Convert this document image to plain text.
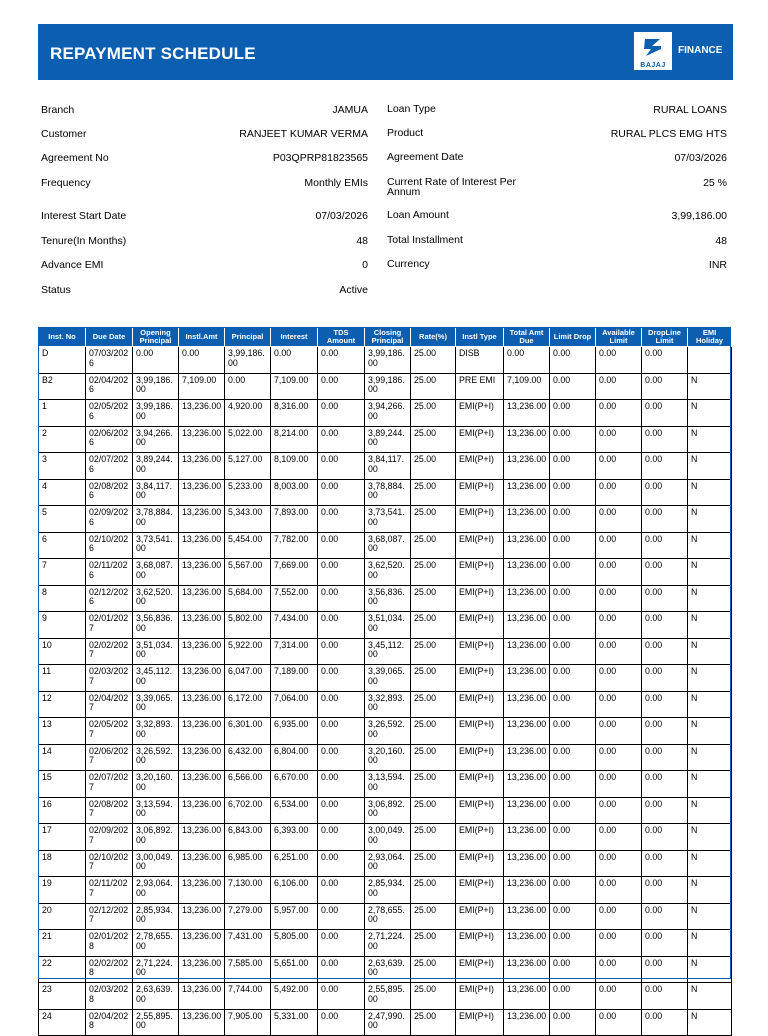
REPAYMENT SCHEDULE
BAJAJ
FINANCE
Branch	JAMUA
Customer	RANJEET KUMAR VERMA
Agreement No	P03QPRP81823565
Frequency	Monthly EMIs
Interest Start Date	07/03/2026
Tenure(In Months)	48
Advance EMI	0
Status	Active
Loan Type	RURAL LOANS
Product	RURAL PLCS EMG HTS
Agreement Date	07/03/2026
Current Rate of Interest Per Annum
25 %
Loan Amount	3,99,186.00
Total Installment	48
Currency	INR
Inst. No	Due Date	Opening Principal	Instl.Amt	Principal	Interest	TDS Amount	Closing Principal	Rate(%)	Instl Type	Total Amt Due	Limit Drop	Available Limit	DropLine Limit	EMI Holiday
D	07/03/2026	0.00	0.00	3,99,186.00	0.00	0.00	3,99,186.00	25.00	DISB	0.00	0.00	0.00	0.00	
B2	02/04/2026	3,99,186.00	7,109.00	0.00	7,109.00	0.00	3,99,186.00	25.00	PRE EMI	7,109.00	0.00	0.00	0.00	N
1	02/05/2026	3,99,186.00	13,236.00	4,920.00	8,316.00	0.00	3,94,266.00	25.00	EMI(P+I)	13,236.00	0.00	0.00	0.00	N
2	02/06/2026	3,94,266.00	13,236.00	5,022.00	8,214.00	0.00	3,89,244.00	25.00	EMI(P+I)	13,236.00	0.00	0.00	0.00	N
3	02/07/2026	3,89,244.00	13,236.00	5,127.00	8,109.00	0.00	3,84,117.00	25.00	EMI(P+I)	13,236.00	0.00	0.00	0.00	N
4	02/08/2026	3,84,117.00	13,236.00	5,233.00	8,003.00	0.00	3,78,884.00	25.00	EMI(P+I)	13,236.00	0.00	0.00	0.00	N
5	02/09/2026	3,78,884.00	13,236.00	5,343.00	7,893.00	0.00	3,73,541.00	25.00	EMI(P+I)	13,236.00	0.00	0.00	0.00	N
6	02/10/2026	3,73,541.00	13,236.00	5,454.00	7,782.00	0.00	3,68,087.00	25.00	EMI(P+I)	13,236.00	0.00	0.00	0.00	N
7	02/11/2026	3,68,087.00	13,236.00	5,567.00	7,669.00	0.00	3,62,520.00	25.00	EMI(P+I)	13,236.00	0.00	0.00	0.00	N
8	02/12/2026	3,62,520.00	13,236.00	5,684.00	7,552.00	0.00	3,56,836.00	25.00	EMI(P+I)	13,236.00	0.00	0.00	0.00	N
9	02/01/2027	3,56,836.00	13,236.00	5,802.00	7,434.00	0.00	3,51,034.00	25.00	EMI(P+I)	13,236.00	0.00	0.00	0.00	N
10	02/02/2027	3,51,034.00	13,236.00	5,922.00	7,314.00	0.00	3,45,112.00	25.00	EMI(P+I)	13,236.00	0.00	0.00	0.00	N
11	02/03/2027	3,45,112.00	13,236.00	6,047.00	7,189.00	0.00	3,39,065.00	25.00	EMI(P+I)	13,236.00	0.00	0.00	0.00	N
12	02/04/2027	3,39,065.00	13,236.00	6,172.00	7,064.00	0.00	3,32,893.00	25.00	EMI(P+I)	13,236.00	0.00	0.00	0.00	N
13	02/05/2027	3,32,893.00	13,236.00	6,301.00	6,935.00	0.00	3,26,592.00	25.00	EMI(P+I)	13,236.00	0.00	0.00	0.00	N
14	02/06/2027	3,26,592.00	13,236.00	6,432.00	6,804.00	0.00	3,20,160.00	25.00	EMI(P+I)	13,236.00	0.00	0.00	0.00	N
15	02/07/2027	3,20,160.00	13,236.00	6,566.00	6,670.00	0.00	3,13,594.00	25.00	EMI(P+I)	13,236.00	0.00	0.00	0.00	N
16	02/08/2027	3,13,594.00	13,236.00	6,702.00	6,534.00	0.00	3,06,892.00	25.00	EMI(P+I)	13,236.00	0.00	0.00	0.00	N
17	02/09/2027	3,06,892.00	13,236.00	6,843.00	6,393.00	0.00	3,00,049.00	25.00	EMI(P+I)	13,236.00	0.00	0.00	0.00	N
18	02/10/2027	3,00,049.00	13,236.00	6,985.00	6,251.00	0.00	2,93,064.00	25.00	EMI(P+I)	13,236.00	0.00	0.00	0.00	N
19	02/11/2027	2,93,064.00	13,236.00	7,130.00	6,106.00	0.00	2,85,934.00	25.00	EMI(P+I)	13,236.00	0.00	0.00	0.00	N
20	02/12/2027	2,85,934.00	13,236.00	7,279.00	5,957.00	0.00	2,78,655.00	25.00	EMI(P+I)	13,236.00	0.00	0.00	0.00	N
21	02/01/2028	2,78,655.00	13,236.00	7,431.00	5,805.00	0.00	2,71,224.00	25.00	EMI(P+I)	13,236.00	0.00	0.00	0.00	N
22	02/02/2028	2,71,224.00	13,236.00	7,585.00	5,651.00	0.00	2,63,639.00	25.00	EMI(P+I)	13,236.00	0.00	0.00	0.00	N
23	02/03/2028	2,63,639.00	13,236.00	7,744.00	5,492.00	0.00	2,55,895.00	25.00	EMI(P+I)	13,236.00	0.00	0.00	0.00	N
24	02/04/2028	2,55,895.00	13,236.00	7,905.00	5,331.00	0.00	2,47,990.00	25.00	EMI(P+I)	13,236.00	0.00	0.00	0.00	N
